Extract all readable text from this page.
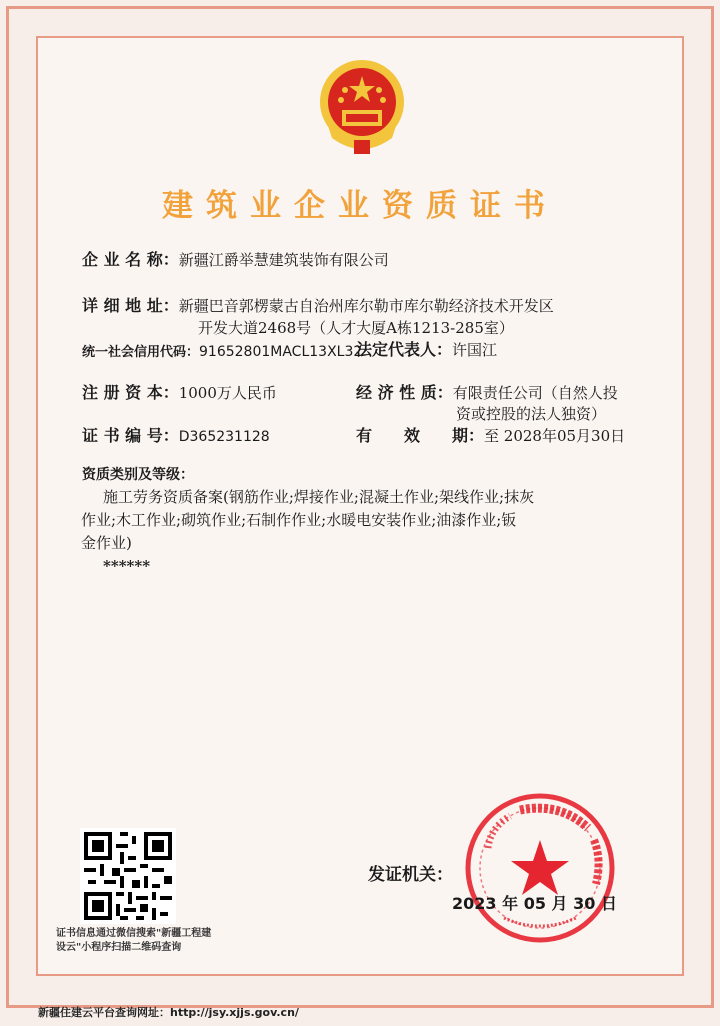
建筑业企业资质证书
企 业 名 称：新疆江爵举慧建筑装饰有限公司
详 细 地 址：新疆巴音郭楞蒙古自治州库尔勒市库尔勒经济技术开发区
开发大道2468号（人才大厦A栋1213-285室）
统一社会信用代码：91652801MACL13XL32
法定代表人：许国江
注 册 资 本：1000万人民币	经 济 性 质：有限责任公司（自然人投
资或控股的法人独资）
证 书 编 号：D365231128	有　　效　　期：至 2028年05月30日
资质类别及等级：
施工劳务资质备案(钢筋作业;焊接作业;混凝土作业;架线作业;抹灰
作业;木工作业;砌筑作业;石制作作业;水暖电安装作业;油漆作业;钣
金作业)
******
证书信息通过微信搜索"新疆工程建
设云"小程序扫描二维码查询
发证机关：
2023 年 05 月 30 日
新疆住建云平台查询网址：http://jsy.xjjs.gov.cn/
